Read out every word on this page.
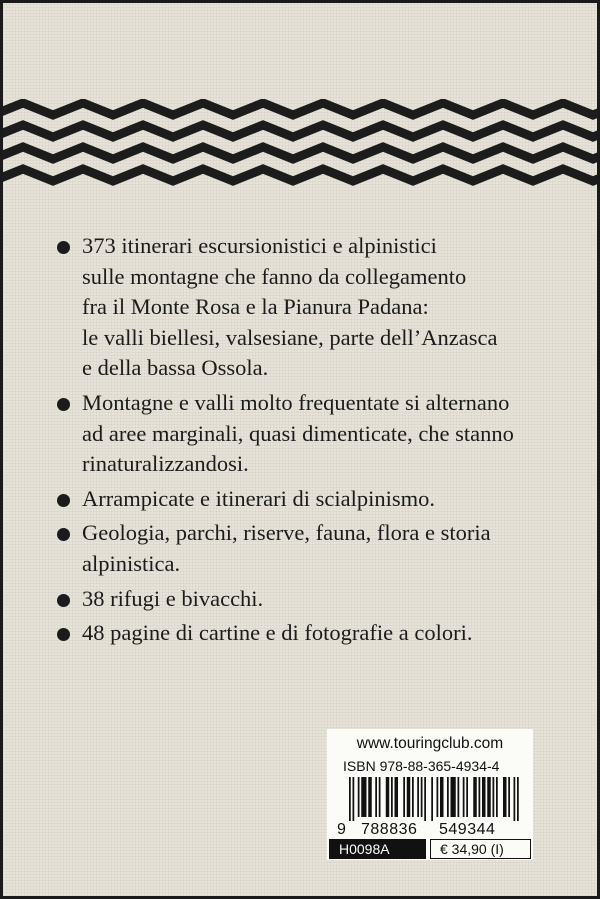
373 itinerari escursionistici e alpinistici
sulle montagne che fanno da collegamento
fra il Monte Rosa e la Pianura Padana:
le valli biellesi, valsesiane, parte dell’Anzasca
e della bassa Ossola.
Montagne e valli molto frequentate si alternano
ad aree marginali, quasi dimenticate, che stanno
rinaturalizzandosi.
Arrampicate e itinerari di scialpinismo.
Geologia, parchi, riserve, fauna, flora e storia
alpinistica.
38 rifugi e bivacchi.
48 pagine di cartine e di fotografie a colori.
www.touringclub.com
ISBN 978-88-365-4934-4
9 788836 549344
H0098A	€ 34,90 (I)
